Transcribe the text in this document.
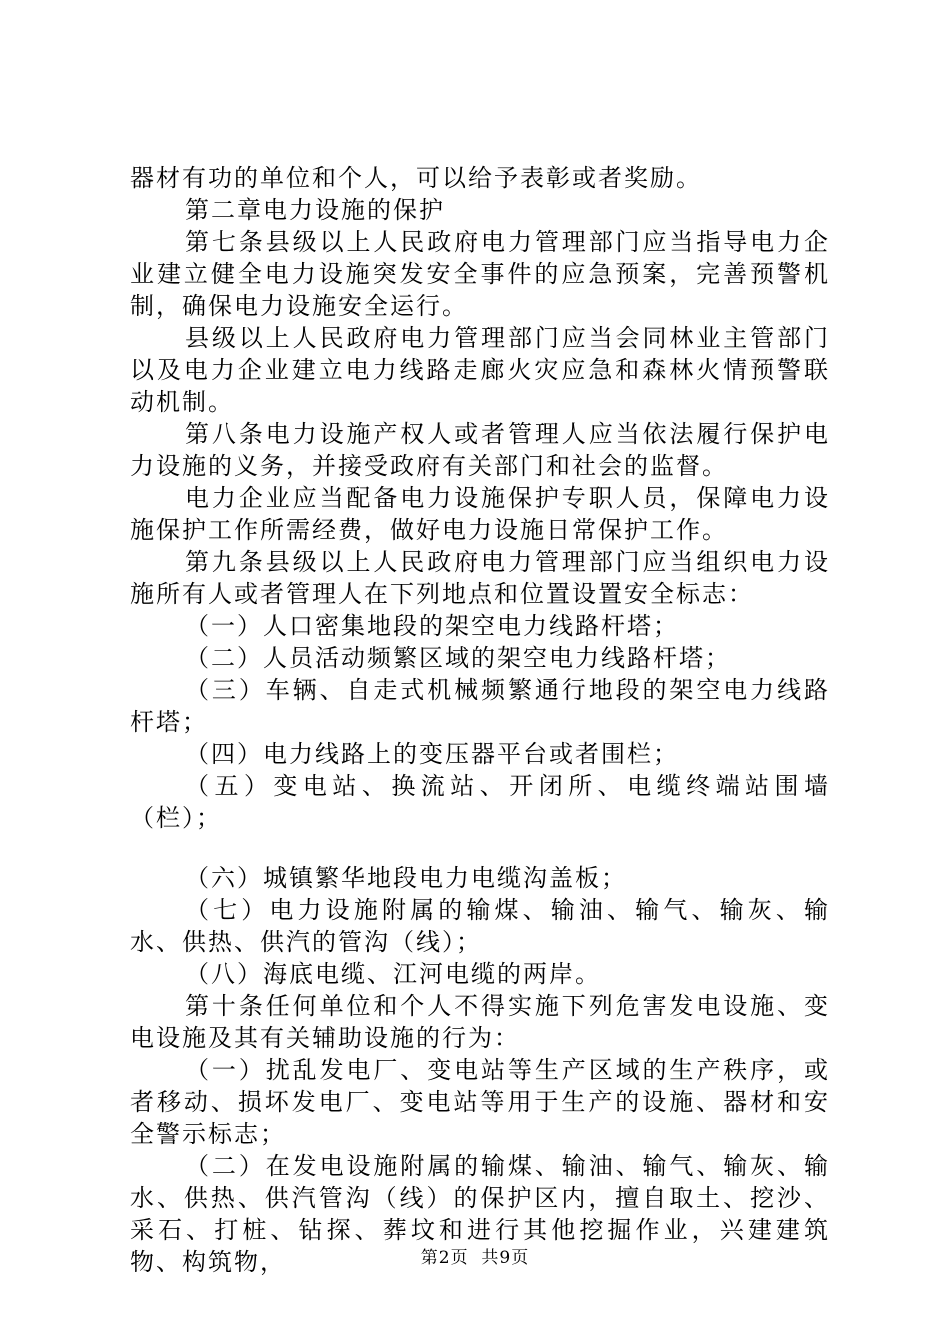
器材有功的单位和个人，可以给予表彰或者奖励。

第二章电力设施的保护

第七条县级以上人民政府电力管理部门应当指导电力企业建立健全电力设施突发安全事件的应急预案，完善预警机制，确保电力设施安全运行。

县级以上人民政府电力管理部门应当会同林业主管部门以及电力企业建立电力线路走廊火灾应急和森林火情预警联动机制。

第八条电力设施产权人或者管理人应当依法履行保护电力设施的义务，并接受政府有关部门和社会的监督。

电力企业应当配备电力设施保护专职人员，保障电力设施保护工作所需经费，做好电力设施日常保护工作。

第九条县级以上人民政府电力管理部门应当组织电力设施所有人或者管理人在下列地点和位置设置安全标志：

（一）人口密集地段的架空电力线路杆塔；

（二）人员活动频繁区域的架空电力线路杆塔；

（三）车辆、自走式机械频繁通行地段的架空电力线路杆塔；

（四）电力线路上的变压器平台或者围栏；

（五）变电站、换流站、开闭所、电缆终端站围墙（栏）；

（六）城镇繁华地段电力电缆沟盖板；

（七）电力设施附属的输煤、输油、输气、输灰、输水、供热、供汽的管沟（线）；

（八）海底电缆、江河电缆的两岸。

第十条任何单位和个人不得实施下列危害发电设施、变电设施及其有关辅助设施的行为：

（一）扰乱发电厂、变电站等生产区域的生产秩序，或者移动、损坏发电厂、变电站等用于生产的设施、器材和安全警示标志；

（二）在发电设施附属的输煤、输油、输气、输灰、输水、供热、供汽管沟（线）的保护区内，擅自取土、挖沙、采石、打桩、钻探、葬坟和进行其他挖掘作业，兴建建筑物、构筑物，	第2页 共9页
